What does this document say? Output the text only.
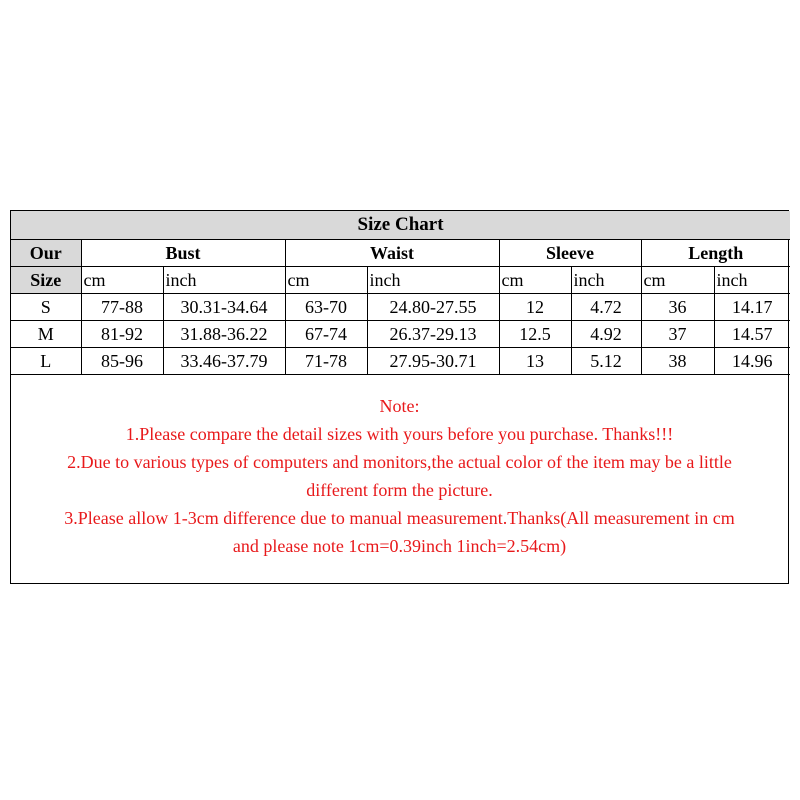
Size Chart								
Our	Bust		Waist		Sleeve		Length	
Size	cm	inch	cm	inch	cm	inch	cm	inch
S	77-88	30.31-34.64	63-70	24.80-27.55	12	4.72	36	14.17
M	81-92	31.88-36.22	67-74	26.37-29.13	12.5	4.92	37	14.57
L	85-96	33.46-37.79	71-78	27.95-30.71	13	5.12	38	14.96
Note:
1.Please compare the detail sizes with yours before you purchase. Thanks!!!
2.Due to various types of computers and monitors,the actual color of the item may be a little
different form the picture.
3.Please allow 1-3cm difference due to manual measurement.Thanks(All measurement in cm
and please note 1cm=0.39inch 1inch=2.54cm)
